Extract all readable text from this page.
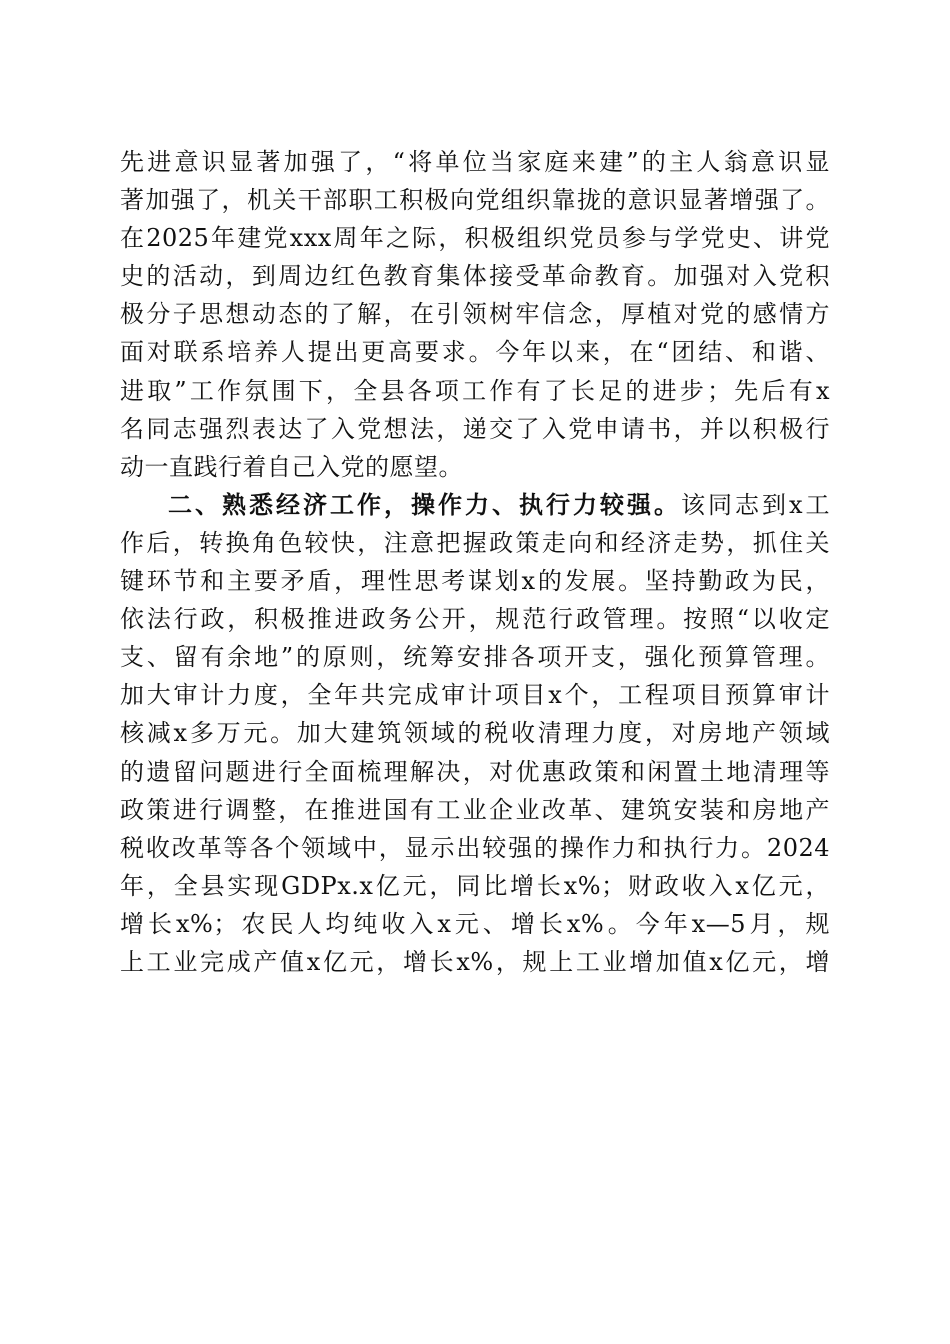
先进意识显著加强了，“将单位当家庭来建”的主人翁意识显
著加强了，机关干部职工积极向党组织靠拢的意识显著增强了。
在2025年建党xxx周年之际，积极组织党员参与学党史、讲党
史的活动，到周边红色教育集体接受革命教育。加强对入党积
极分子思想动态的了解，在引领树牢信念，厚植对党的感情方
面对联系培养人提出更高要求。今年以来，在“团结、和谐、
进取”工作氛围下，全县各项工作有了长足的进步；先后有x
名同志强烈表达了入党想法，递交了入党申请书，并以积极行
动一直践行着自己入党的愿望。
二、熟悉经济工作，操作力、执行力较强。该同志到x工
作后，转换角色较快，注意把握政策走向和经济走势，抓住关
键环节和主要矛盾，理性思考谋划x的发展。坚持勤政为民，
依法行政，积极推进政务公开，规范行政管理。按照“以收定
支、留有余地”的原则，统筹安排各项开支，强化预算管理。
加大审计力度，全年共完成审计项目x个，工程项目预算审计
核减x多万元。加大建筑领域的税收清理力度，对房地产领域
的遗留问题进行全面梳理解决，对优惠政策和闲置土地清理等
政策进行调整，在推进国有工业企业改革、建筑安装和房地产
税收改革等各个领域中，显示出较强的操作力和执行力。2024
年，全县实现GDPx.x亿元，同比增长x%；财政收入x亿元，
增长x%；农民人均纯收入x元、增长x%。今年x—5月，规
上工业完成产值x亿元，增长x%，规上工业增加值x亿元，增
